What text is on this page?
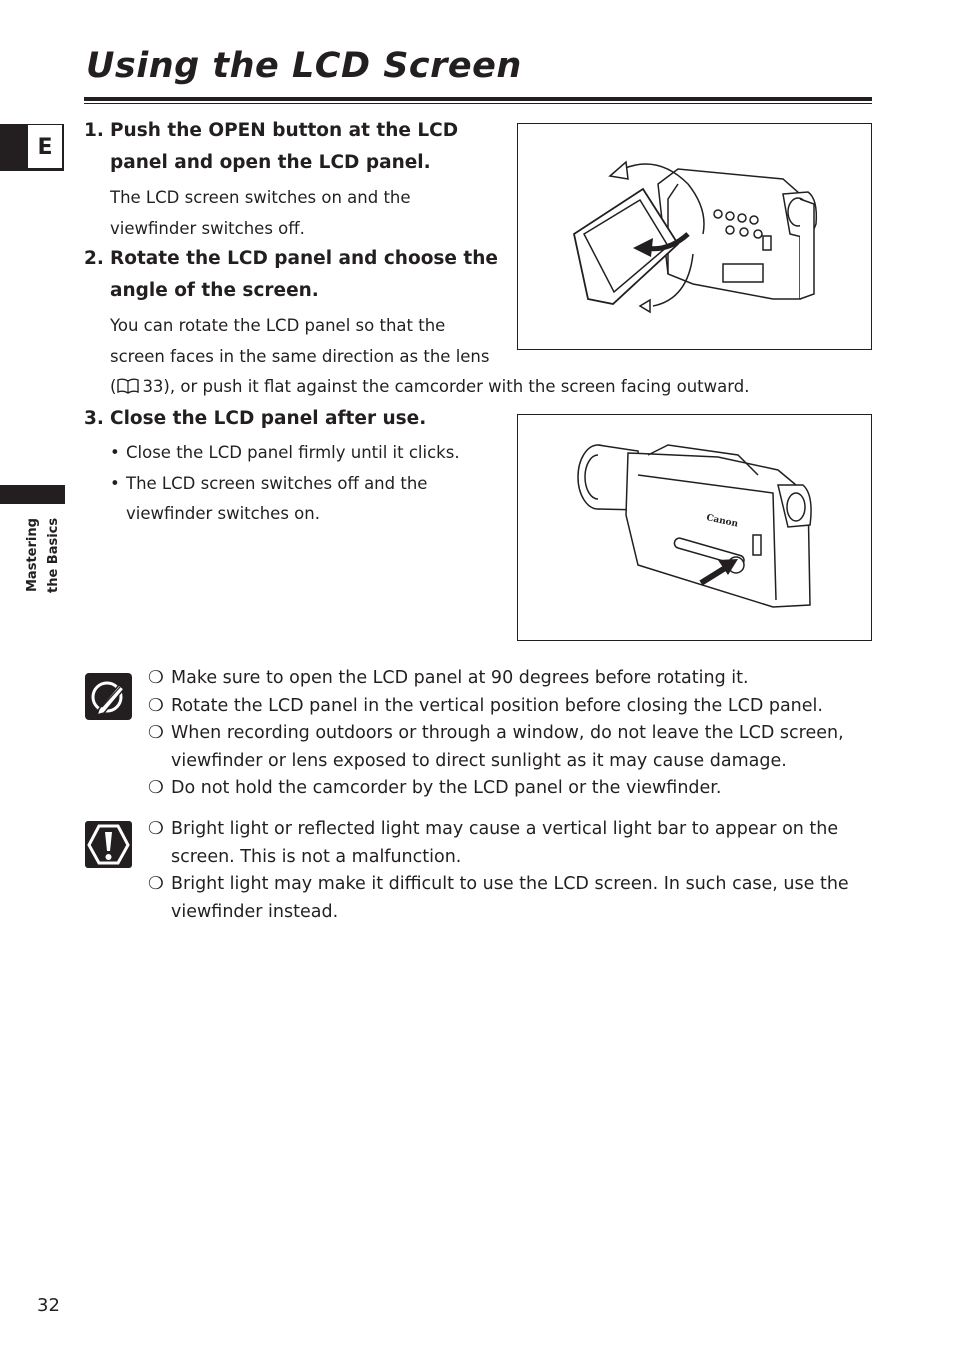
Using the LCD Screen
E
Mastering the Basics
1. Push the OPEN button at the LCD panel and open the LCD panel.

The LCD screen switches on and the viewfinder switches off.

2. Rotate the LCD panel and choose the angle of the screen.
You can rotate the LCD panel so that the
screen faces in the same direction as the lens
( 33), or push it flat against the camcorder with the screen facing outward.
3. Close the LCD panel after use.
• Close the LCD panel firmly until it clicks.
• The LCD screen switches off and the viewfinder switches on.	Canon

❍ Make sure to open the LCD panel at 90 degrees before rotating it.

❍ Rotate the LCD panel in the vertical position before closing the LCD panel.

❍ When recording outdoors or through a window, do not leave the LCD screen, viewfinder or lens exposed to direct sunlight as it may cause damage.

❍ Do not hold the camcorder by the LCD panel or the viewfinder.

❍ Bright light or reflected light may cause a vertical light bar to appear on the screen. This is not a malfunction.

❍ Bright light may make it difficult to use the LCD screen. In such case, use the viewfinder instead.

32
